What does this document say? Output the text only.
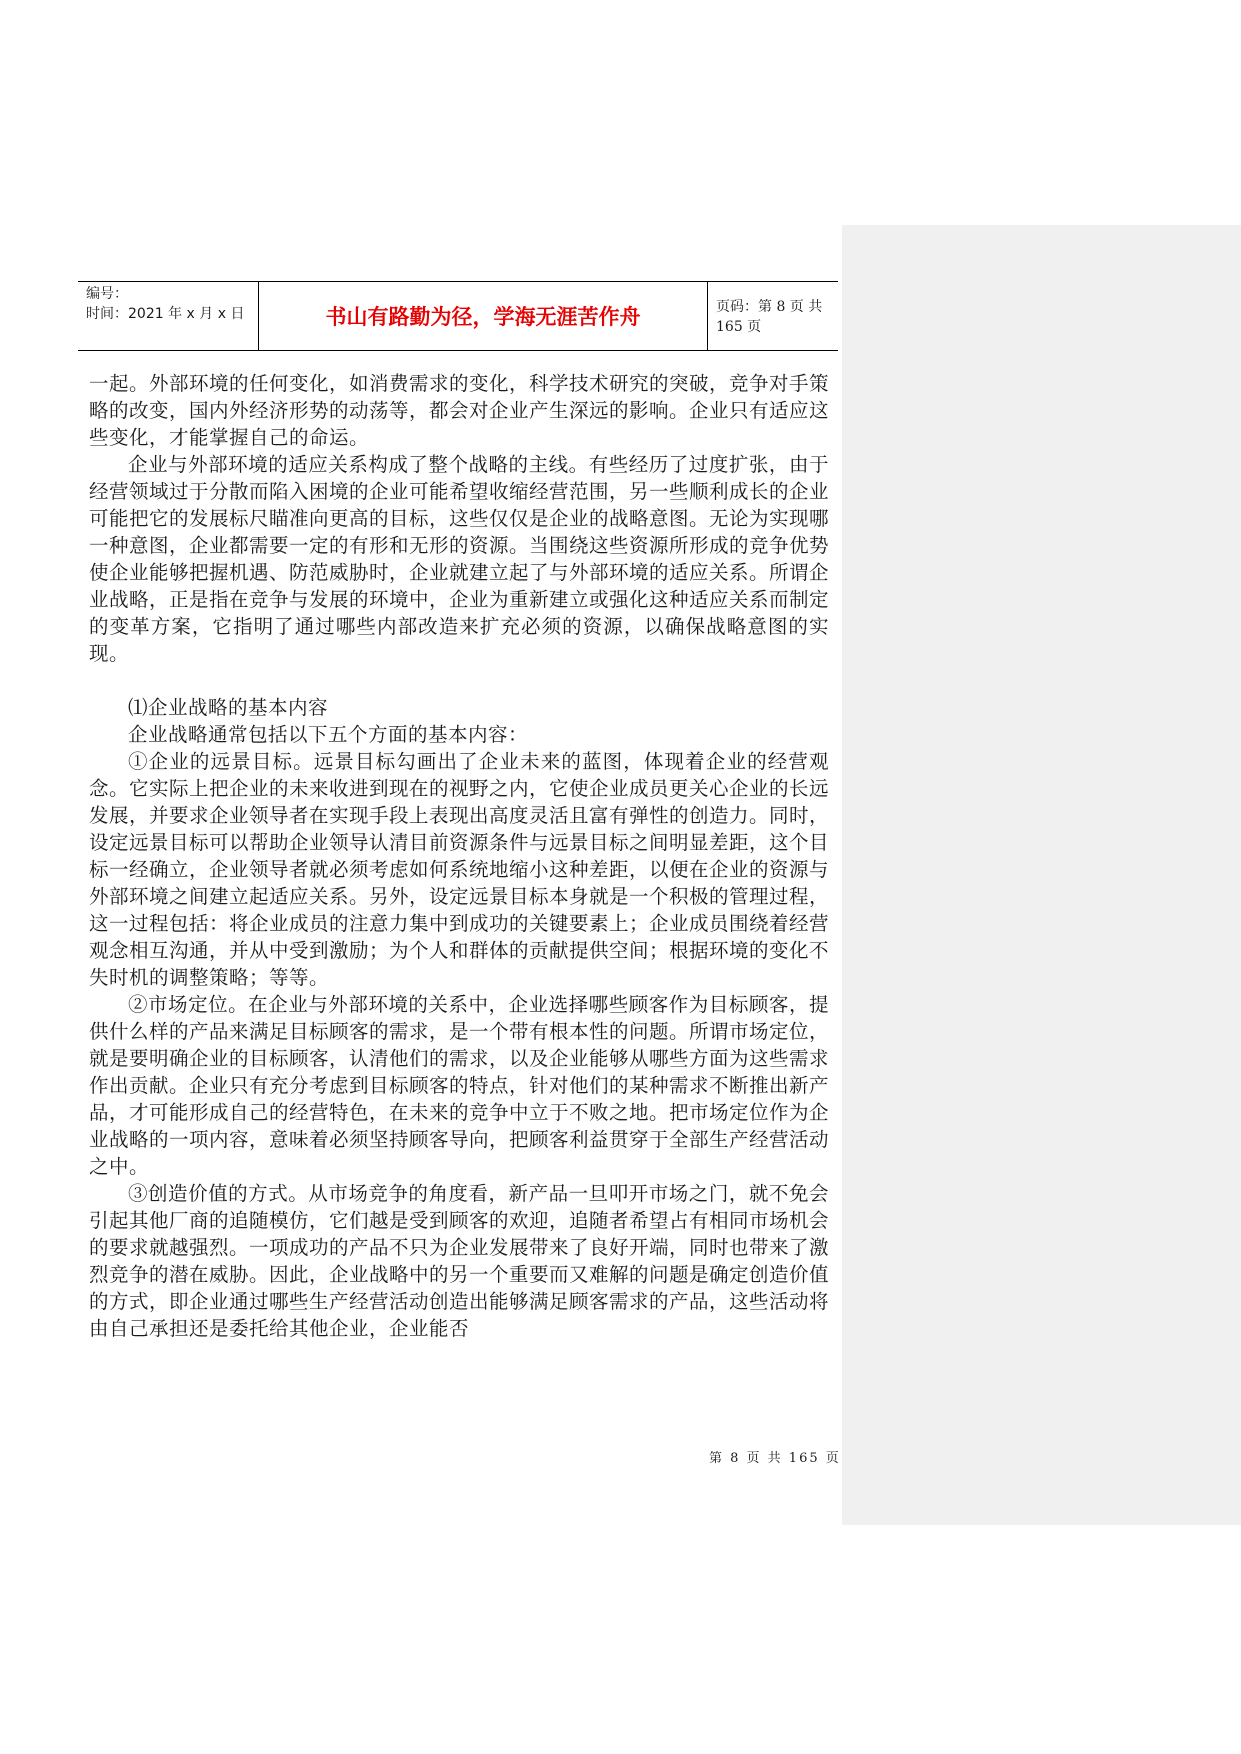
编号：
时间：2021 年 x 月 x 日	书山有路勤为径，学海无涯苦作舟	页码：第 8 页 共 165 页

一起。外部环境的任何变化，如消费需求的变化，科学技术研究的突破，竞争对手策略的改变，国内外经济形势的动荡等，都会对企业产生深远的影响。企业只有适应这些变化，才能掌握自己的命运。

企业与外部环境的适应关系构成了整个战略的主线。有些经历了过度扩张，由于经营领域过于分散而陷入困境的企业可能希望收缩经营范围，另一些顺利成长的企业可能把它的发展标尺瞄准向更高的目标，这些仅仅是企业的战略意图。无论为实现哪一种意图，企业都需要一定的有形和无形的资源。当围绕这些资源所形成的竞争优势使企业能够把握机遇、防范威胁时，企业就建立起了与外部环境的适应关系。所谓企业战略，正是指在竞争与发展的环境中，企业为重新建立或强化这种适应关系而制定的变革方案，它指明了通过哪些内部改造来扩充必须的资源，以确保战略意图的实现。

⑴企业战略的基本内容

企业战略通常包括以下五个方面的基本内容：

①企业的远景目标。远景目标勾画出了企业未来的蓝图，体现着企业的经营观念。它实际上把企业的未来收进到现在的视野之内，它使企业成员更关心企业的长远发展，并要求企业领导者在实现手段上表现出高度灵活且富有弹性的创造力。同时，设定远景目标可以帮助企业领导认清目前资源条件与远景目标之间明显差距，这个目标一经确立，企业领导者就必须考虑如何系统地缩小这种差距，以便在企业的资源与外部环境之间建立起适应关系。另外，设定远景目标本身就是一个积极的管理过程，这一过程包括：将企业成员的注意力集中到成功的关键要素上；企业成员围绕着经营观念相互沟通，并从中受到激励；为个人和群体的贡献提供空间；根据环境的变化不失时机的调整策略；等等。

②市场定位。在企业与外部环境的关系中，企业选择哪些顾客作为目标顾客，提供什么样的产品来满足目标顾客的需求，是一个带有根本性的问题。所谓市场定位，就是要明确企业的目标顾客，认清他们的需求，以及企业能够从哪些方面为这些需求作出贡献。企业只有充分考虑到目标顾客的特点，针对他们的某种需求不断推出新产品，才可能形成自己的经营特色，在未来的竞争中立于不败之地。把市场定位作为企业战略的一项内容，意味着必须坚持顾客导向，把顾客利益贯穿于全部生产经营活动之中。

③创造价值的方式。从市场竞争的角度看，新产品一旦叩开市场之门，就不免会引起其他厂商的追随模仿，它们越是受到顾客的欢迎，追随者希望占有相同市场机会的要求就越强烈。一项成功的产品不只为企业发展带来了良好开端，同时也带来了激烈竞争的潜在威胁。因此，企业战略中的另一个重要而又难解的问题是确定创造价值的方式，即企业通过哪些生产经营活动创造出能够满足顾客需求的产品，这些活动将由自己承担还是委托给其他企业，企业能否

第 8 页 共 165 页
